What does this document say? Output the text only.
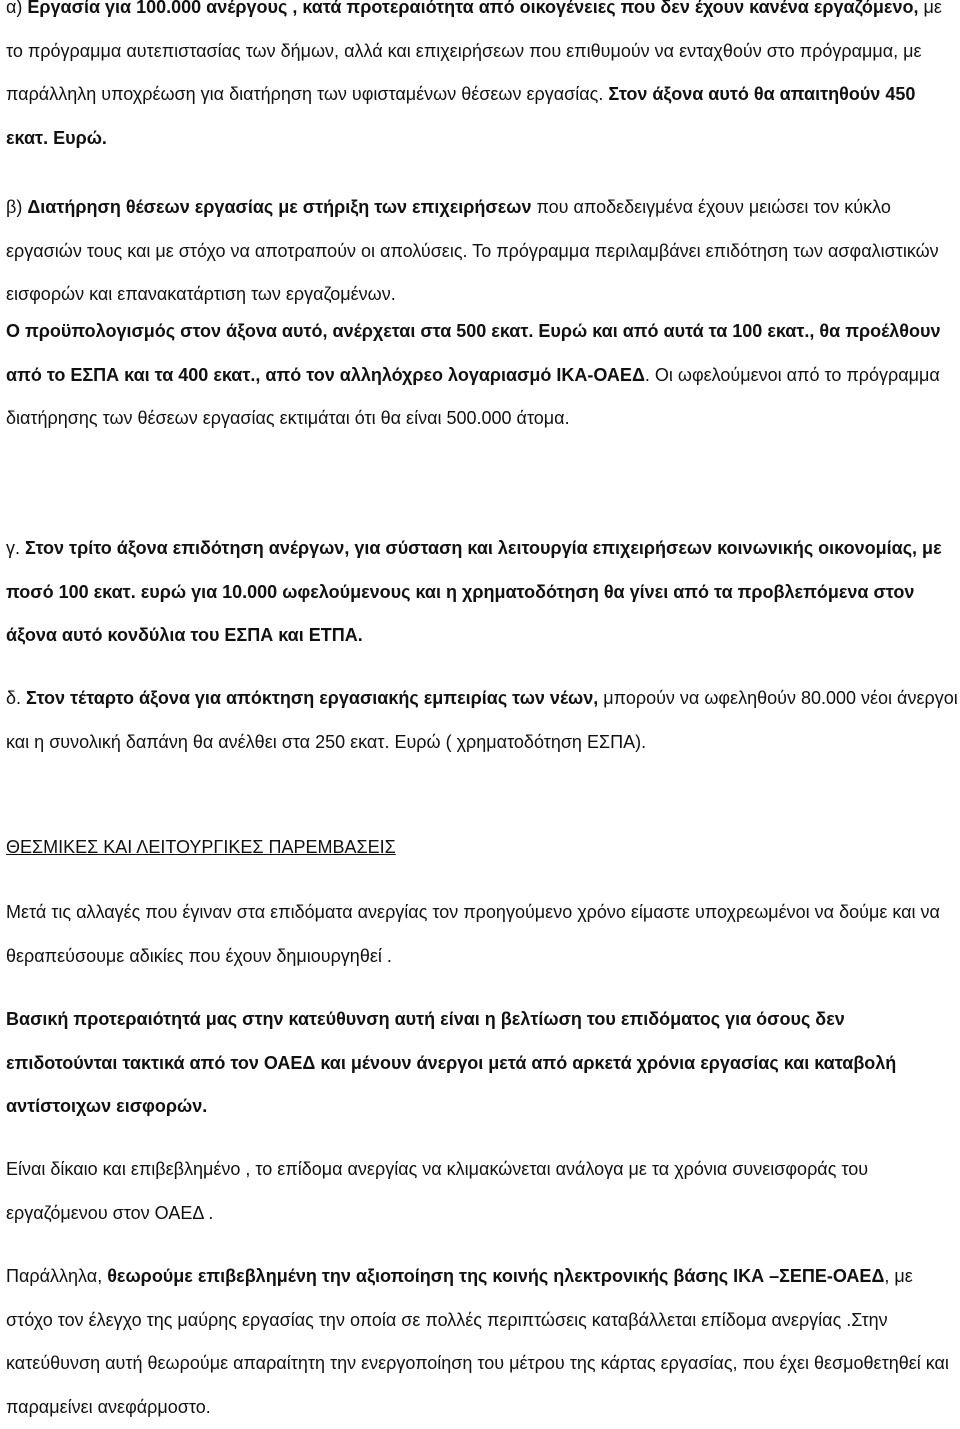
α) Εργασία για 100.000 ανέργους , κατά προτεραιότητα από οικογένειες που δεν έχουν κανένα εργαζόμενο, με το πρόγραμμα αυτεπιστασίας των δήμων, αλλά και επιχειρήσεων που επιθυμούν να ενταχθούν στο πρόγραμμα, με παράλληλη υποχρέωση για διατήρηση των υφισταμένων θέσεων εργασίας. Στον άξονα αυτό θα απαιτηθούν 450 εκατ. Ευρώ.

β) Διατήρηση θέσεων εργασίας με στήριξη των επιχειρήσεων που αποδεδειγμένα έχουν μειώσει τον κύκλο εργασιών τους και με στόχο να αποτραπούν οι απολύσεις. Το πρόγραμμα περιλαμβάνει επιδότηση των ασφαλιστικών εισφορών και επανακατάρτιση των εργαζομένων.

Ο προϋπολογισμός στον άξονα αυτό, ανέρχεται στα 500 εκατ. Ευρώ και από αυτά τα 100 εκατ., θα προέλθουν από το ΕΣΠΑ και τα 400 εκατ., από τον αλληλόχρεο λογαριασμό ΙΚΑ-ΟΑΕΔ. Οι ωφελούμενοι από το πρόγραμμα διατήρησης των θέσεων εργασίας εκτιμάται ότι θα είναι 500.000 άτομα.

γ. Στον τρίτο άξονα επιδότηση ανέργων, για σύσταση και λειτουργία επιχειρήσεων κοινωνικής οικονομίας, με ποσό 100 εκατ. ευρώ για 10.000 ωφελούμενους και η χρηματοδότηση θα γίνει από τα προβλεπόμενα στον άξονα αυτό κονδύλια του ΕΣΠΑ και ΕΤΠΑ.

δ. Στον τέταρτο άξονα για απόκτηση εργασιακής εμπειρίας των νέων, μπορούν να ωφεληθούν 80.000 νέοι άνεργοι και η συνολική δαπάνη θα ανέλθει στα 250 εκατ. Ευρώ ( χρηματοδότηση ΕΣΠΑ).

ΘΕΣΜΙΚΕΣ ΚΑΙ ΛΕΙΤΟΥΡΓΙΚΕΣ ΠΑΡΕΜΒΑΣΕΙΣ

Μετά τις αλλαγές που έγιναν στα επιδόματα ανεργίας τον προηγούμενο χρόνο είμαστε υποχρεωμένοι να δούμε και να θεραπεύσουμε αδικίες που έχουν δημιουργηθεί .

Βασική προτεραιότητά μας στην κατεύθυνση αυτή είναι η βελτίωση του επιδόματος για όσους δεν επιδοτούνται τακτικά από τον ΟΑΕΔ και μένουν άνεργοι μετά από αρκετά χρόνια εργασίας και καταβολή αντίστοιχων εισφορών.

Είναι δίκαιο και επιβεβλημένο , το επίδομα ανεργίας να κλιμακώνεται ανάλογα με τα χρόνια συνεισφοράς του εργαζόμενου στον ΟΑΕΔ .

Παράλληλα, θεωρούμε επιβεβλημένη την αξιοποίηση της κοινής ηλεκτρονικής βάσης ΙΚΑ –ΣΕΠΕ-ΟΑΕΔ, με στόχο τον έλεγχο της μαύρης εργασίας την οποία σε πολλές περιπτώσεις καταβάλλεται επίδομα ανεργίας .Στην κατεύθυνση αυτή θεωρούμε απαραίτητη την ενεργοποίηση του μέτρου της κάρτας εργασίας, που έχει θεσμοθετηθεί και παραμείνει ανεφάρμοστο.
